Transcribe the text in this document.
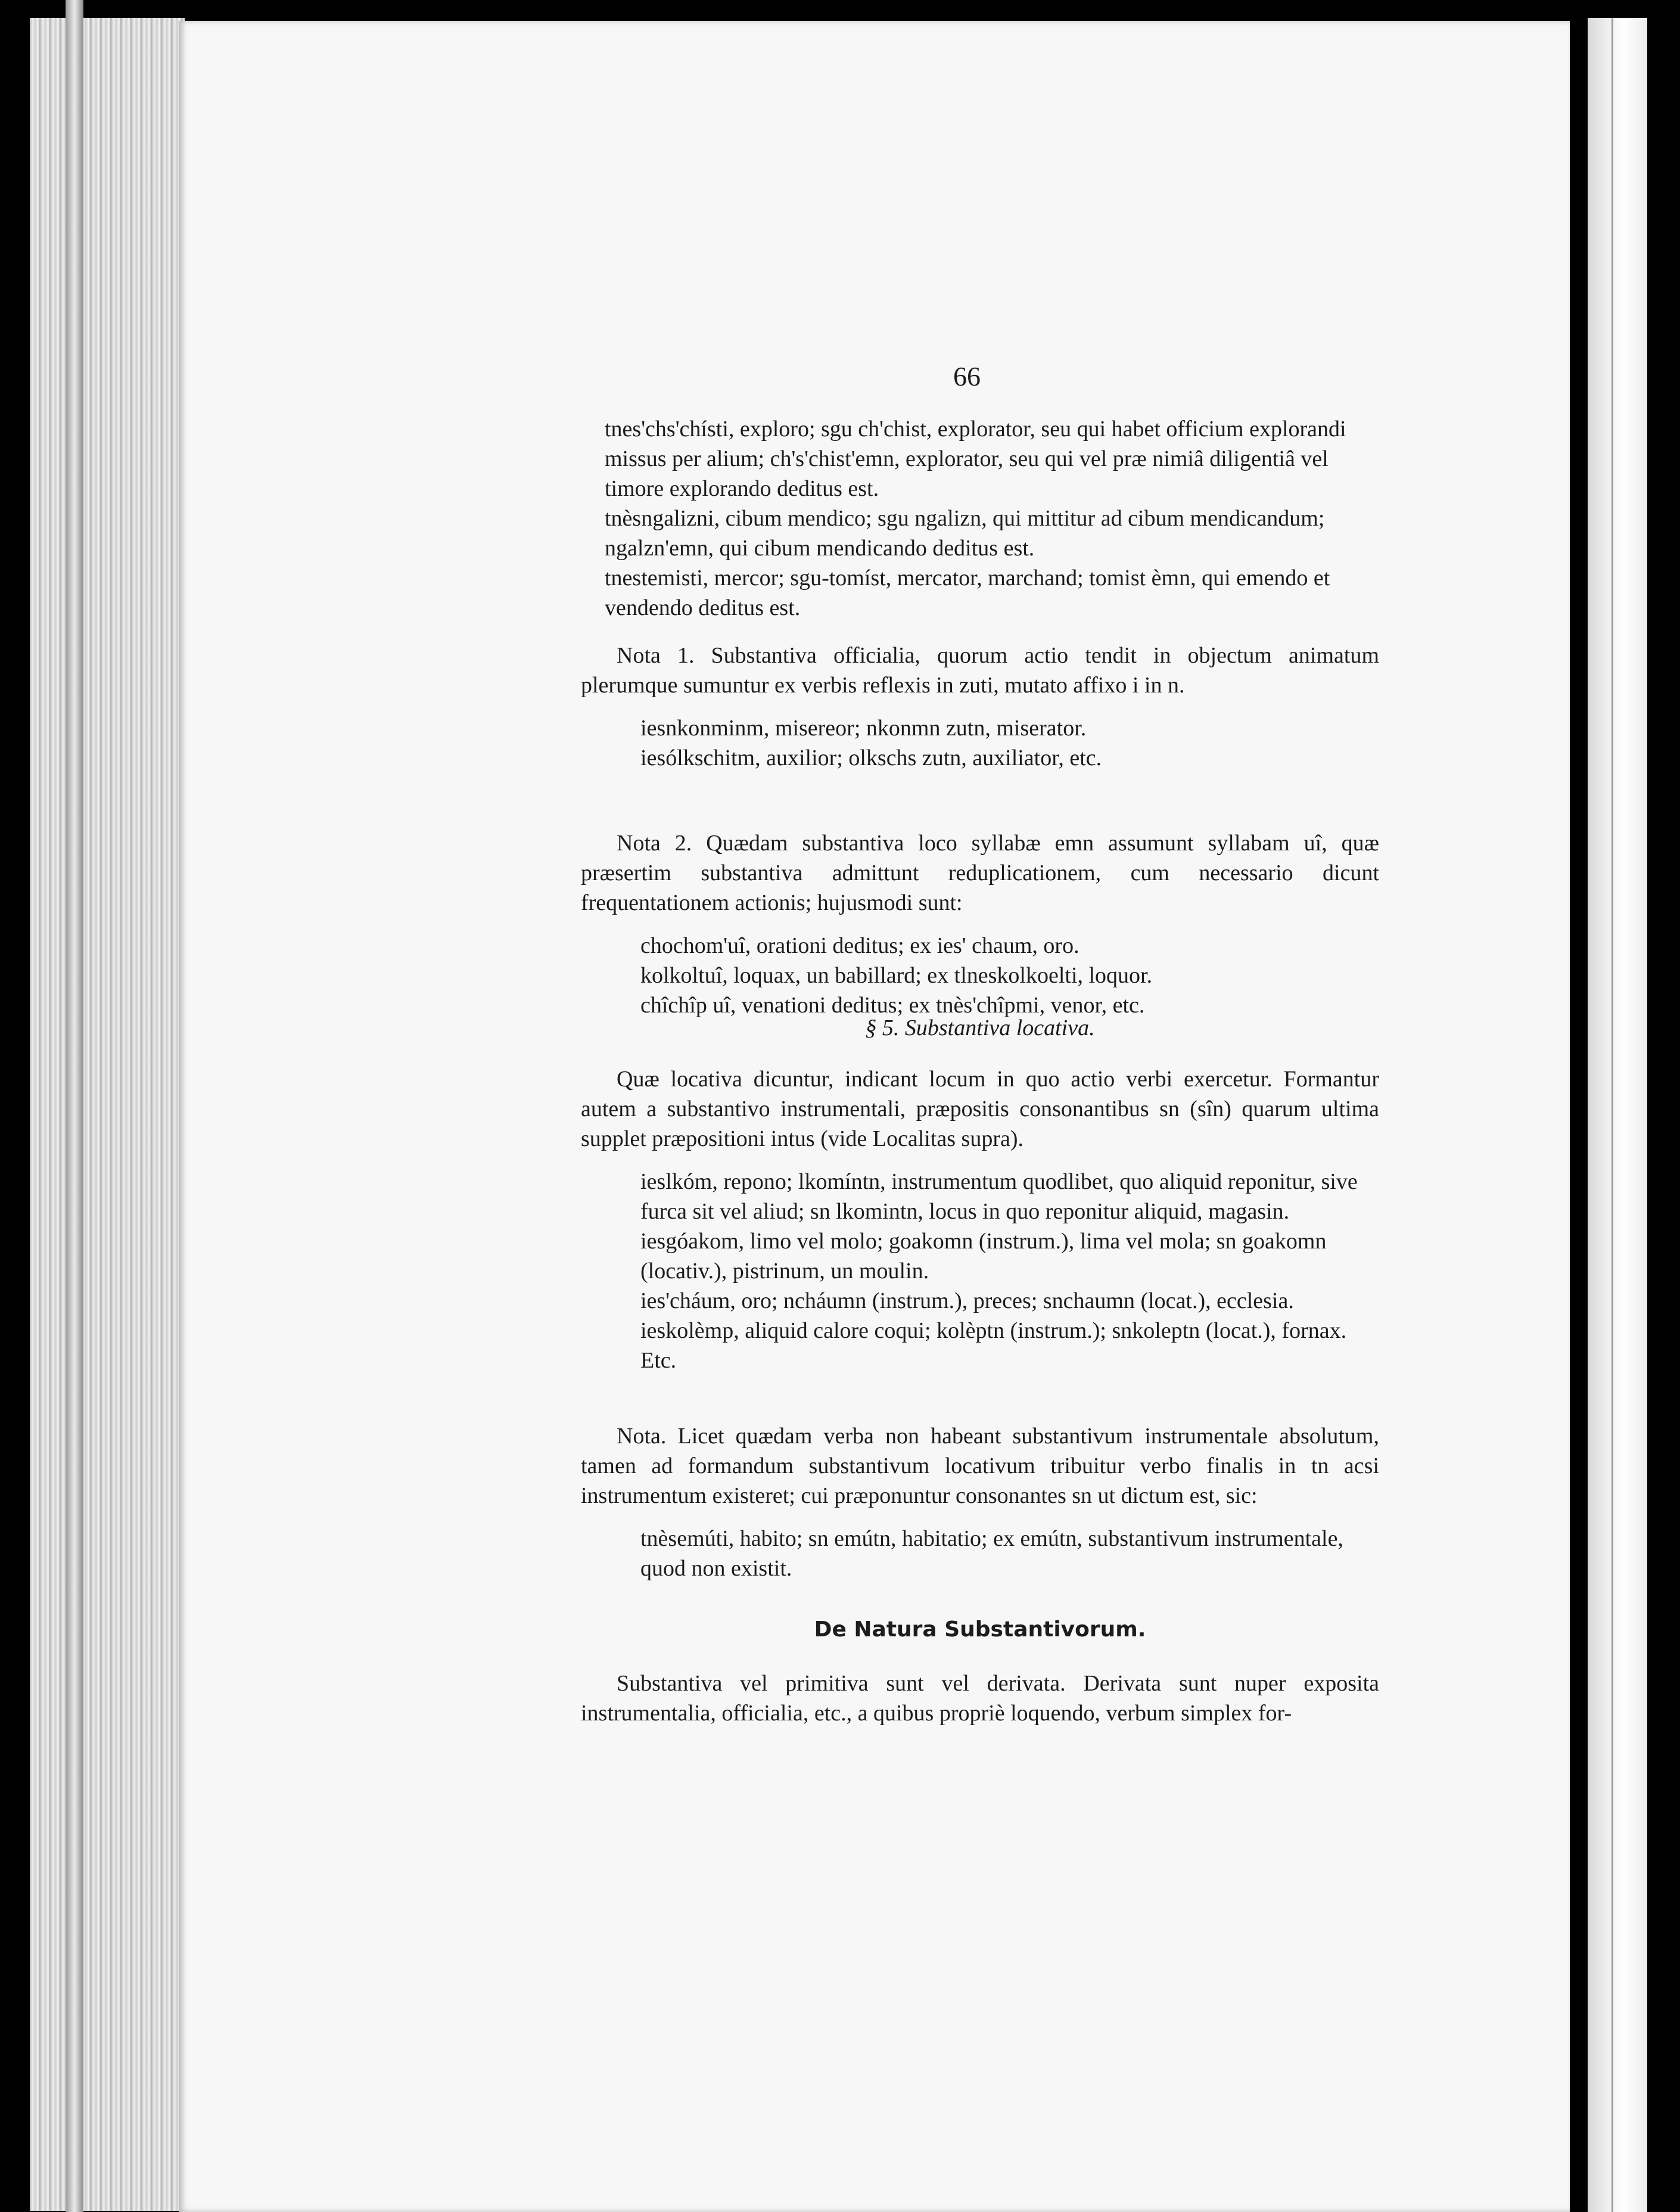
66

tnes'chs'chísti, exploro; sgu ch'chist, explorator, seu qui habet officium explorandi missus per alium; ch's'chist'emn, explorator, seu qui vel præ nimiâ diligentiâ vel timore explorando deditus est.

tnèsngalizni, cibum mendico; sgu ngalizn, qui mittitur ad cibum mendicandum; ngalzn'emn, qui cibum mendicando deditus est.

tnestemisti, mercor; sgu-tomíst, mercator, marchand; tomist èmn, qui emendo et vendendo deditus est.

Nota 1. Substantiva officialia, quorum actio tendit in objectum animatum plerumque sumuntur ex verbis reflexis in zuti, mutato affixo i in n.

iesnkonminm, misereor; nkonmn zutn, miserator.

iesólkschitm, auxilior; olkschs zutn, auxiliator, etc.

Nota 2. Quædam substantiva loco syllabæ emn assumunt syllabam uî, quæ præsertim substantiva admittunt reduplicationem, cum necessario dicunt frequentationem actionis; hujusmodi sunt:

chochom'uî, orationi deditus; ex ies' chaum, oro.

kolkoltuî, loquax, un babillard; ex tlneskolkoelti, loquor.

chîchîp uî, venationi deditus; ex tnès'chîpmi, venor, etc.

§ 5. Substantiva locativa.

Quæ locativa dicuntur, indicant locum in quo actio verbi exercetur. Formantur autem a substantivo instrumentali, præpositis consonantibus sn (sîn) quarum ultima supplet præpositioni intus (vide Localitas supra).

ieslkóm, repono; lkomíntn, instrumentum quodlibet, quo aliquid reponitur, sive furca sit vel aliud; sn lkomintn, locus in quo reponitur aliquid, magasin.

iesgóakom, limo vel molo; goakomn (instrum.), lima vel mola; sn goakomn (locativ.), pistrinum, un moulin.

ies'cháum, oro; ncháumn (instrum.), preces; snchaumn (locat.), ecclesia.

ieskolèmp, aliquid calore coqui; kolèptn (instrum.); snkoleptn (locat.), fornax. Etc.

Nota. Licet quædam verba non habeant substantivum instrumentale absolutum, tamen ad formandum substantivum locativum tribuitur verbo finalis in tn acsi instrumentum existeret; cui præponuntur consonantes sn ut dictum est, sic:

tnèsemúti, habito; sn emútn, habitatio; ex emútn, substantivum instrumentale, quod non existit.

De Natura Substantivorum.

Substantiva vel primitiva sunt vel derivata. Derivata sunt nuper exposita instrumentalia, officialia, etc., a quibus propriè loquendo, verbum simplex for-
